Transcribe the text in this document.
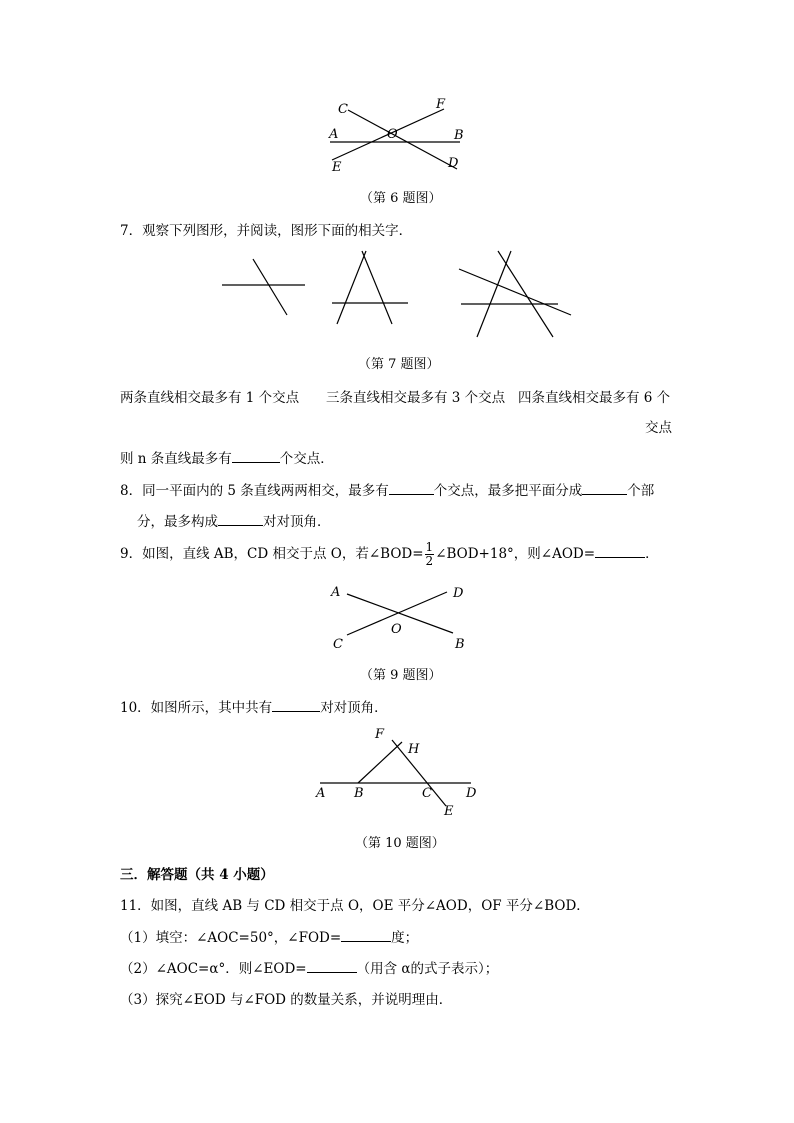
C	F
A	O	B
E	D
（第 6 题图）
7．观察下列图形，并阅读，图形下面的相关字．
（第 7 题图）
两条直线相交最多有 1 个交点 三条直线相交最多有 3 个交点 四条直线相交最多有 6 个
交点
则 n 条直线最多有	个交点．
8．同一平面内的 5 条直线两两相交，最多有	个交点，最多把平面分成	个部
分，最多构成	对对顶角．
9．如图，直线 AB，CD 相交于点 O，若∠BOD= $\frac{1}{2}$ ∠BOD+18°，则∠AOD=	．
A	D
O
C	B
（第 9 题图）
10．如图所示，其中共有	对对顶角．
F
H
A B	C	D
E
（第 10 题图）
三．解答题（共 4 小题）
11．如图，直线 AB 与 CD 相交于点 O，OE 平分∠AOD，OF 平分∠BOD．
（1）填空：∠AOC=50°，∠FOD=	度；
（2）∠AOC=α°．则∠EOD=	（用含 α的式子表示）；
（3）探究∠EOD 与∠FOD 的数量关系，并说明理由．
